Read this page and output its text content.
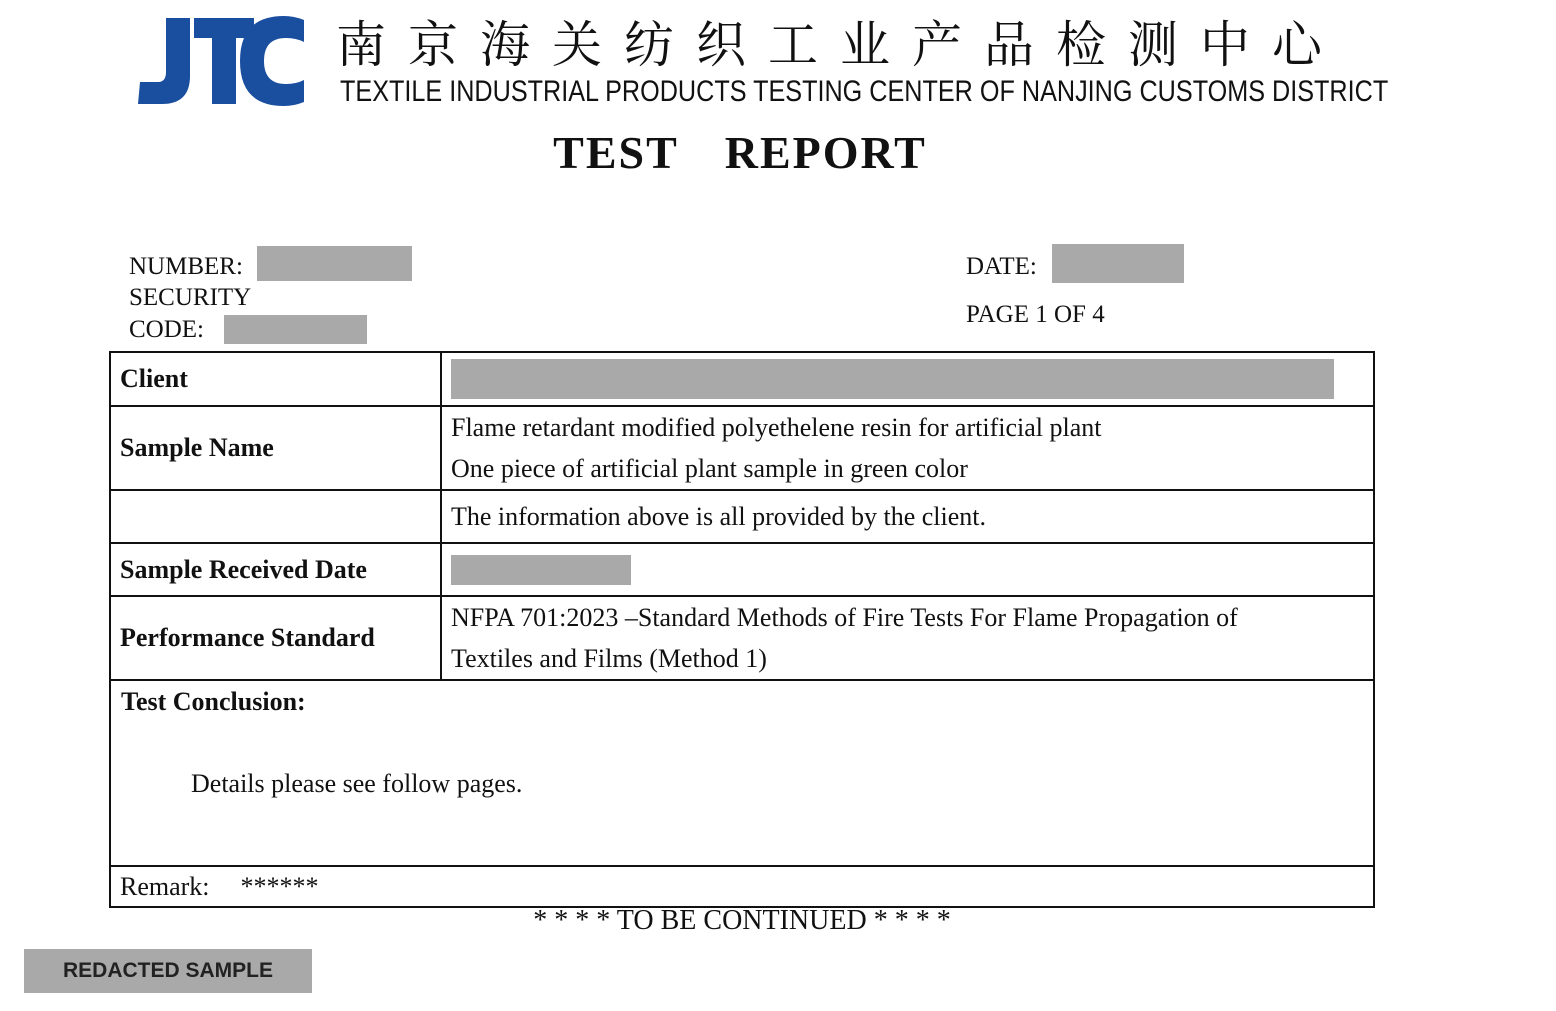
南京海关纺织工业产品检测中心
TEXTILE INDUSTRIAL PRODUCTS TESTING CENTER OF NANJING CUSTOMS DISTRICT
TEST REPORT
NUMBER:
SECURITY
CODE:
DATE:
PAGE 1 OF 4
Client	

Sample Name	Flame retardant modified polyethelene resin for artificial plant
One piece of artificial plant sample in green color

	The information above is all provided by the client.
Sample Received Date	

Performance Standard	NFPA 701:2023 –Standard Methods of Fire Tests For Flame Propagation of
Textiles and Films (Method 1)

Test Conclusion:
Details please see follow pages.	

Remark: ******	
* * * * TO BE CONTINUED * * * *
REDACTED SAMPLE
